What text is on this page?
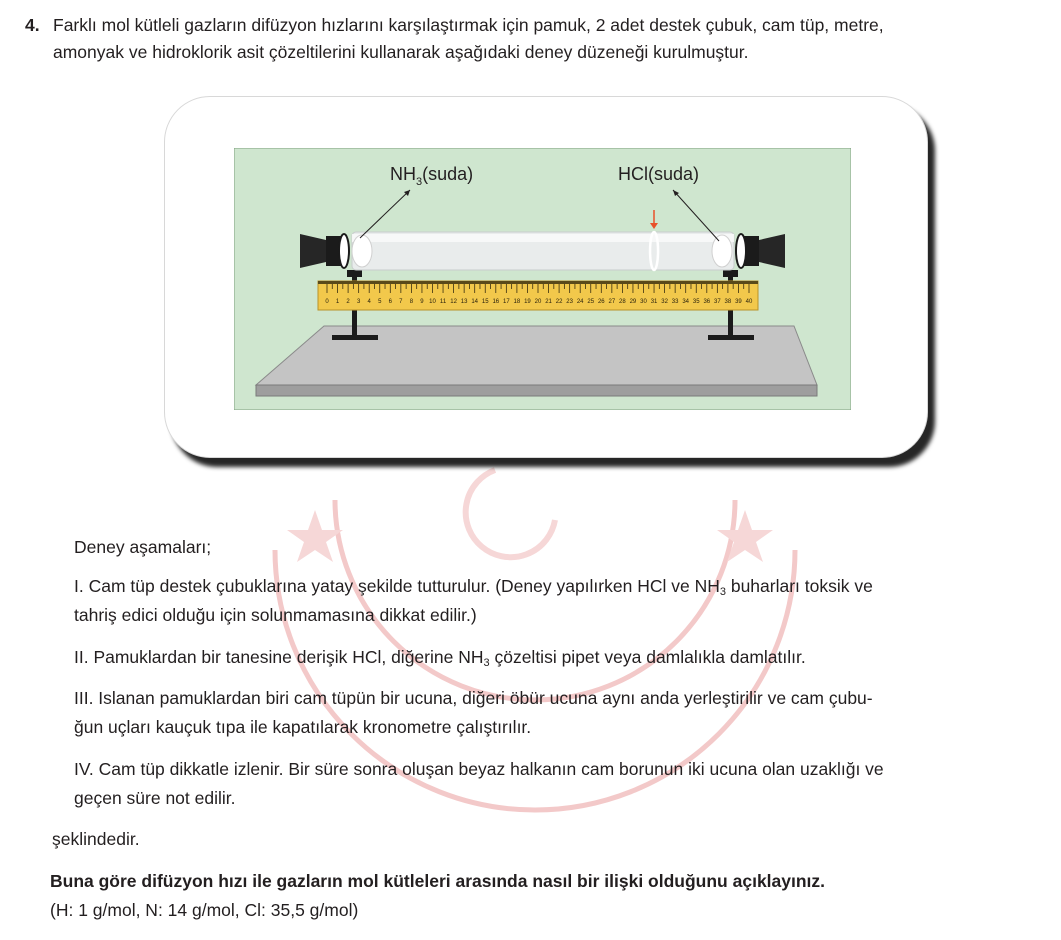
4. Farklı mol kütleli gazların difüzyon hızlarını karşılaştırmak için pamuk, 2 adet destek çubuk, cam tüp, metre,
amonyak ve hidroklorik asit çözeltilerini kullanarak aşağıdaki deney düzeneği kurulmuştur.
0 1 2 3 4 5 6 7 8 9 10 11 12 13 14 15 16 17 18 19 20 21 22 23 24 25 26 27 28 29 30 31 32 33 34 35 36 37 38 39 40
$NH_3(suda)$	HCl(suda)
Deney aşamaları;
I. Cam tüp destek çubuklarına yatay şekilde tutturulur. (Deney yapılırken HCl ve $NH_3$ buharları toksik ve
tahriş edici olduğu için solunmamasına dikkat edilir.)
II. Pamuklardan bir tanesine derişik HCl, diğerine $NH_3$ çözeltisi pipet veya damlalıkla damlatılır.
III. Islanan pamuklardan biri cam tüpün bir ucuna, diğeri öbür ucuna aynı anda yerleştirilir ve cam çubu-
ğun uçları kauçuk tıpa ile kapatılarak kronometre çalıştırılır.
IV. Cam tüp dikkatle izlenir. Bir süre sonra oluşan beyaz halkanın cam borunun iki ucuna olan uzaklığı ve
geçen süre not edilir.
şeklindedir.
Buna göre difüzyon hızı ile gazların mol kütleleri arasında nasıl bir ilişki olduğunu açıklayınız.
(H: 1 g/mol, N: 14 g/mol, Cl: 35,5 g/mol)
